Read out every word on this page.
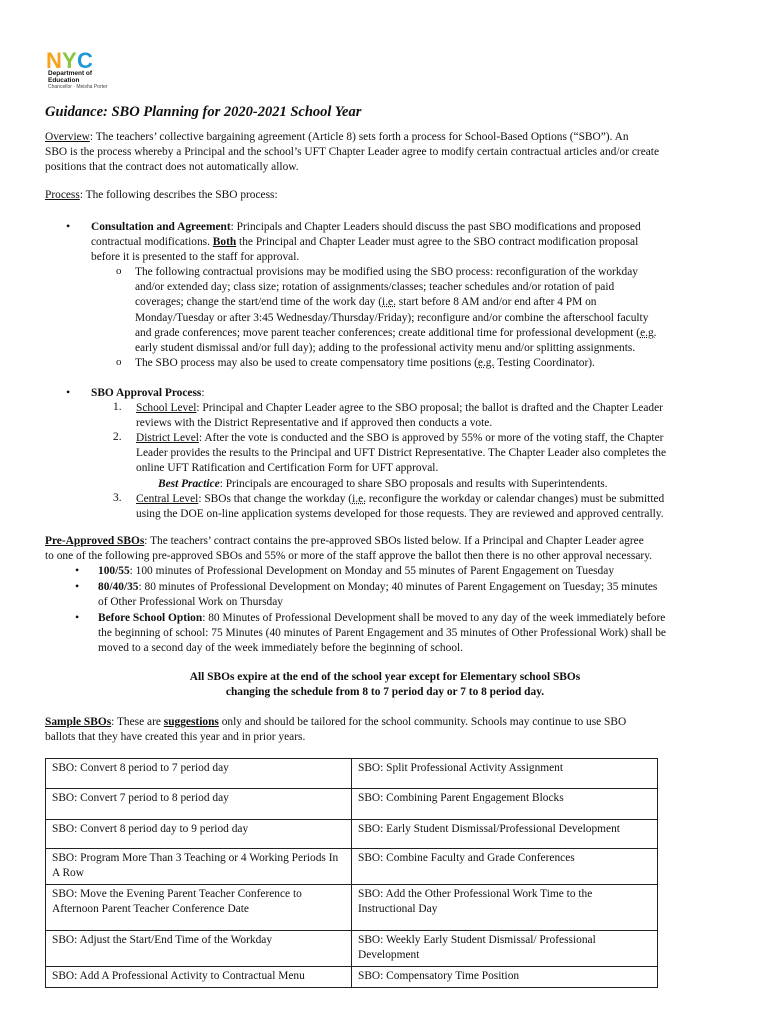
N Y C
Department of
Education
Chancellor · Meisha Porter
Guidance: SBO Planning for 2020-2021 School Year
Overview: The teachers’ collective bargaining agreement (Article 8) sets forth a process for School-Based Options (“SBO”). An
SBO is the process whereby a Principal and the school’s UFT Chapter Leader agree to modify certain contractual articles and/or create
positions that the contract does not automatically allow.
Process: The following describes the SBO process:
• Consultation and Agreement: Principals and Chapter Leaders should discuss the past SBO modifications and proposed
contractual modifications. Both the Principal and Chapter Leader must agree to the SBO contract modification proposal
before it is presented to the staff for approval.
o The following contractual provisions may be modified using the SBO process: reconfiguration of the workday
and/or extended day; class size; rotation of assignments/classes; teacher schedules and/or rotation of paid
coverages; change the start/end time of the work day (i.e. start before 8 AM and/or end after 4 PM on
Monday/Tuesday or after 3:45 Wednesday/Thursday/Friday); reconfigure and/or combine the afterschool faculty
and grade conferences; move parent teacher conferences; create additional time for professional development (e.g.
early student dismissal and/or full day); adding to the professional activity menu and/or splitting assignments.
o The SBO process may also be used to create compensatory time positions (e.g. Testing Coordinator).
• SBO Approval Process:
1. School Level: Principal and Chapter Leader agree to the SBO proposal; the ballot is drafted and the Chapter Leader
reviews with the District Representative and if approved then conducts a vote.
2. District Level: After the vote is conducted and the SBO is approved by 55% or more of the voting staff, the Chapter
Leader provides the results to the Principal and UFT District Representative. The Chapter Leader also completes the
online UFT Ratification and Certification Form for UFT approval.
Best Practice: Principals are encouraged to share SBO proposals and results with Superintendents.
3. Central Level: SBOs that change the workday (i.e. reconfigure the workday or calendar changes) must be submitted
using the DOE on-line application systems developed for those requests. They are reviewed and approved centrally.
Pre-Approved SBOs: The teachers’ contract contains the pre-approved SBOs listed below. If a Principal and Chapter Leader agree
to one of the following pre-approved SBOs and 55% or more of the staff approve the ballot then there is no other approval necessary.
• 100/55: 100 minutes of Professional Development on Monday and 55 minutes of Parent Engagement on Tuesday
• 80/40/35: 80 minutes of Professional Development on Monday; 40 minutes of Parent Engagement on Tuesday; 35 minutes
of Other Professional Work on Thursday
• Before School Option: 80 Minutes of Professional Development shall be moved to any day of the week immediately before
the beginning of school: 75 Minutes (40 minutes of Parent Engagement and 35 minutes of Other Professional Work) shall be
moved to a second day of the week immediately before the beginning of school.
All SBOs expire at the end of the school year except for Elementary school SBOs
changing the schedule from 8 to 7 period day or 7 to 8 period day.
Sample SBOs: These are suggestions only and should be tailored for the school community. Schools may continue to use SBO
ballots that they have created this year and in prior years.
SBO: Convert 8 period to 7 period day	SBO: Split Professional Activity Assignment
SBO: Convert 7 period to 8 period day	SBO: Combining Parent Engagement Blocks
SBO: Convert 8 period day to 9 period day	SBO: Early Student Dismissal/Professional Development
SBO: Program More Than 3 Teaching or 4 Working Periods In A Row	SBO: Combine Faculty and Grade Conferences
SBO: Move the Evening Parent Teacher Conference to Afternoon Parent Teacher Conference Date	SBO: Add the Other Professional Work Time to the Instructional Day
SBO: Adjust the Start/End Time of the Workday	SBO: Weekly Early Student Dismissal/ Professional Development
SBO: Add A Professional Activity to Contractual Menu	SBO: Compensatory Time Position
